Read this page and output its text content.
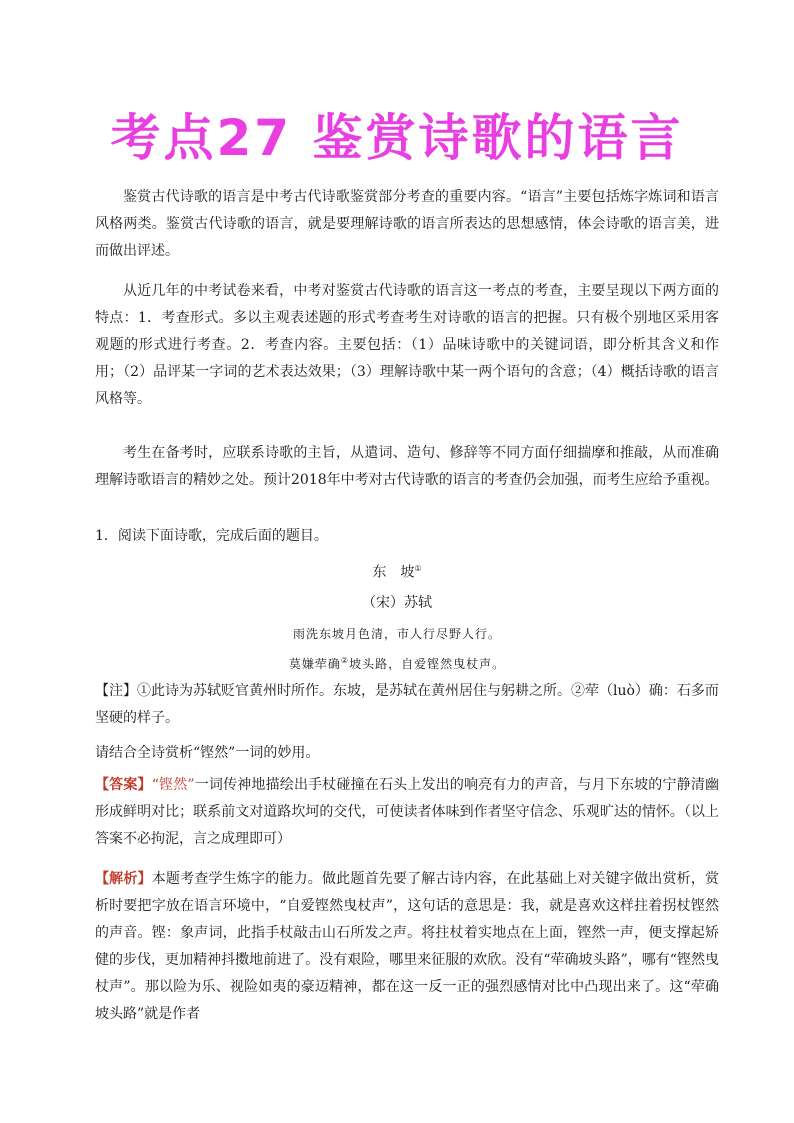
考点27 鉴赏诗歌的语言

鉴赏古代诗歌的语言是中考古代诗歌鉴赏部分考查的重要内容。“语言”主要包括炼字炼词和语言风格两类。鉴赏古代诗歌的语言，就是要理解诗歌的语言所表达的思想感情，体会诗歌的语言美，进而做出评述。

从近几年的中考试卷来看，中考对鉴赏古代诗歌的语言这一考点的考查，主要呈现以下两方面的特点：1．考查形式。多以主观表述题的形式考查考生对诗歌的语言的把握。只有极个别地区采用客观题的形式进行考查。2．考查内容。主要包括：（1）品味诗歌中的关键词语，即分析其含义和作用；（2）品评某一字词的艺术表达效果；（3）理解诗歌中某一两个语句的含意；（4）概括诗歌的语言风格等。

考生在备考时，应联系诗歌的主旨，从遣词、造句、修辞等不同方面仔细揣摩和推敲，从而准确理解诗歌语言的精妙之处。预计2018年中考对古代诗歌的语言的考查仍会加强，而考生应给予重视。

1．阅读下面诗歌，完成后面的题目。

东　坡①
（宋）苏轼
雨洗东坡月色清，市人行尽野人行。
莫嫌荦确②坡头路，自爱铿然曳杖声。

【注】①此诗为苏轼贬官黄州时所作。东坡，是苏轼在黄州居住与躬耕之所。②荦（luò）确：石多而坚硬的样子。

请结合全诗赏析“铿然”一词的妙用。

【答案】“铿然”一词传神地描绘出手杖碰撞在石头上发出的响亮有力的声音，与月下东坡的宁静清幽形成鲜明对比；联系前文对道路坎坷的交代，可使读者体味到作者坚守信念、乐观旷达的情怀。（以上答案不必拘泥，言之成理即可）

【解析】本题考查学生炼字的能力。做此题首先要了解古诗内容，在此基础上对关键字做出赏析，赏析时要把字放在语言环境中，“自爱铿然曳杖声”，这句话的意思是：我，就是喜欢这样拄着拐杖铿然的声音。铿：象声词，此指手杖敲击山石所发之声。将拄杖着实地点在上面，铿然一声，便支撑起矫健的步伐，更加精神抖擞地前进了。没有艰险，哪里来征服的欢欣。没有“荦确坡头路”，哪有“铿然曳杖声”。那以险为乐、视险如夷的豪迈精神，都在这一反一正的强烈感情对比中凸现出来了。这“荦确坡头路”就是作者
